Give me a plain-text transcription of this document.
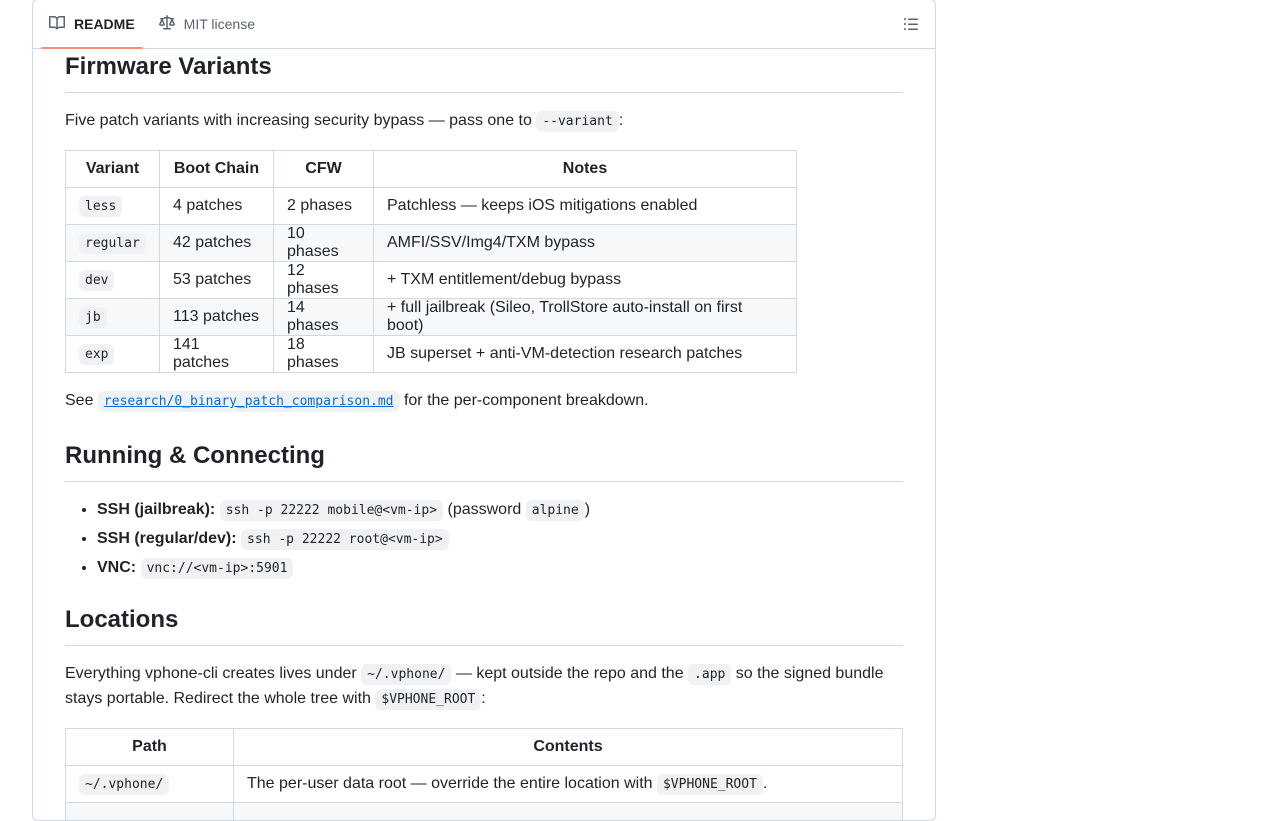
README	MIT license
Firmware Variants

Five patch variants with increasing security bypass — pass one to --variant :

Variant	Boot Chain	CFW	Notes
less	4 patches	2 phases	Patchless — keeps iOS mitigations enabled
regular	42 patches	10 phases	AMFI/SSV/Img4/TXM bypass
dev	53 patches	12 phases	+ TXM entitlement/debug bypass
jb	113 patches	14 phases	+ full jailbreak (Sileo, TrollStore auto-install on first boot)
exp	141 patches	18 phases	JB superset + anti-VM-detection research patches

See research/0_binary_patch_comparison.md for the per-component breakdown.

Running & Connecting
• SSH (jailbreak): ssh -p 22222 mobile@<vm-ip> (password alpine )
• SSH (regular/dev): ssh -p 22222 root@<vm-ip>
• VNC: vnc://<vm-ip>:5901
Locations

Everything vphone-cli creates lives under ~/.vphone/ — kept outside the repo and the .app so the signed bundle stays portable. Redirect the whole tree with $VPHONE_ROOT :

Path	Contents
~/.vphone/	The per-user data root — override the entire location with $VPHONE_ROOT .
